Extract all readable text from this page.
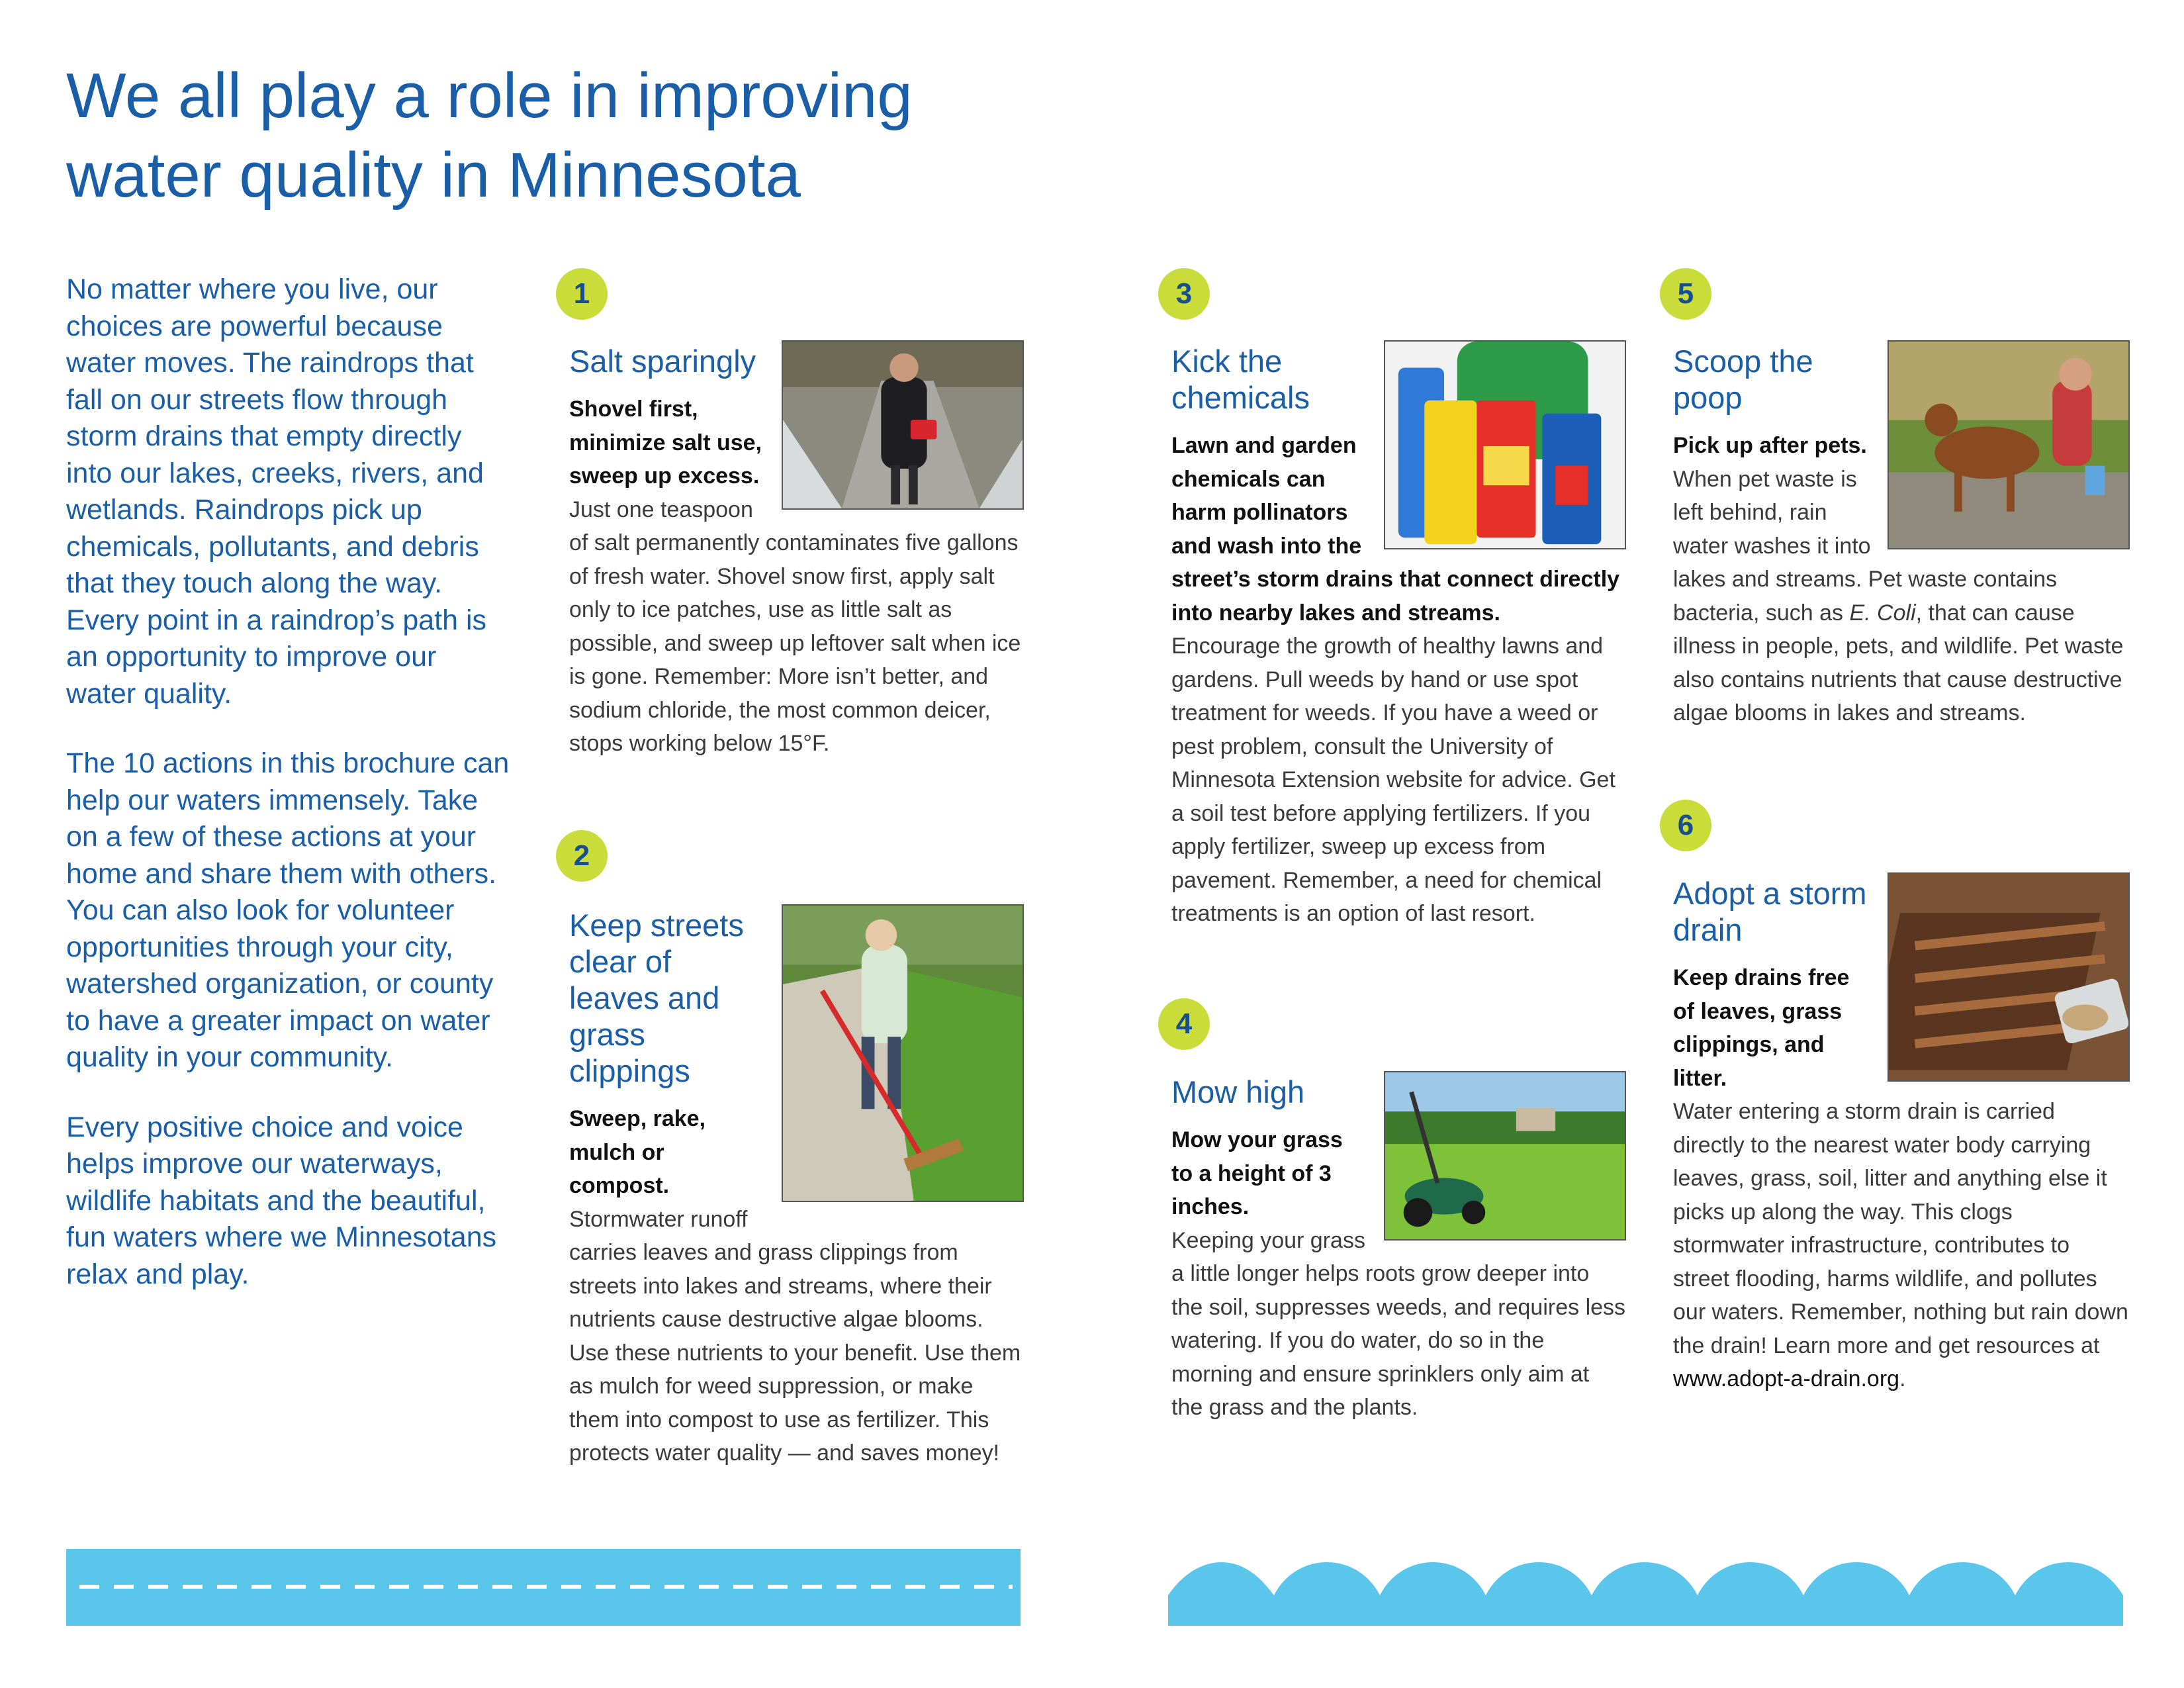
We all play a role in improving
water quality in Minnesota

No matter where you live, our choices are powerful because water moves. The raindrops that fall on our streets flow through storm drains that empty directly into our lakes, creeks, rivers, and wetlands. Raindrops pick up chemicals, pollutants, and debris that they touch along the way. Every point in a raindrop’s path is an opportunity to improve our water quality.

The 10 actions in this brochure can help our waters immensely. Take on a few of these actions at your home and share them with others. You can also look for volunteer opportunities through your city, watershed organization, or county to have a greater impact on water quality in your community.

Every positive choice and voice helps improve our waterways, wildlife habitats and the beautiful, fun waters where we Minnesotans relax and play.

1
Salt sparingly

Shovel first, minimize salt use, sweep up excess.

Just one teaspoon of salt permanently contaminates five gallons of fresh water. Shovel snow first, apply salt only to ice patches, use as little salt as possible, and sweep up leftover salt when ice is gone. Remember: More isn’t better, and sodium chloride, the most common deicer, stops working below 15°F.

2
Keep streets clear of leaves and grass clippings

Sweep, rake, mulch or compost.

Stormwater runoff carries leaves and grass clippings from streets into lakes and streams, where their nutrients cause destructive algae blooms. Use these nutrients to your benefit. Use them as mulch for weed suppression, or make them into compost to use as fertilizer. This protects water quality — and saves money!

3
Kick the chemicals

Lawn and garden chemicals can harm pollinators and wash into the street’s storm drains that connect directly into nearby lakes and streams.

Encourage the growth of healthy lawns and gardens. Pull weeds by hand or use spot treatment for weeds. If you have a weed or pest problem, consult the University of Minnesota Extension website for advice. Get a soil test before applying fertilizers. If you apply fertilizer, sweep up excess from pavement. Remember, a need for chemical treatments is an option of last resort.

4
Mow high

Mow your grass to a height of 3 inches.

Keeping your grass a little longer helps roots grow deeper into the soil, suppresses weeds, and requires less watering. If you do water, do so in the morning and ensure sprinklers only aim at the grass and the plants.

5
Scoop the poop

Pick up after pets.

When pet waste is left behind, rain water washes it into lakes and streams. Pet waste contains bacteria, such as E. Coli, that can cause illness in people, pets, and wildlife. Pet waste also contains nutrients that cause destructive algae blooms in lakes and streams.

6
Adopt a storm drain

Keep drains free of leaves, grass clippings, and litter.

Water entering a storm drain is carried directly to the nearest water body carrying leaves, grass, soil, litter and anything else it picks up along the way. This clogs stormwater infrastructure, contributes to street flooding, harms wildlife, and pollutes our waters. Remember, nothing but rain down the drain! Learn more and get resources at www.adopt-a-drain.org.
